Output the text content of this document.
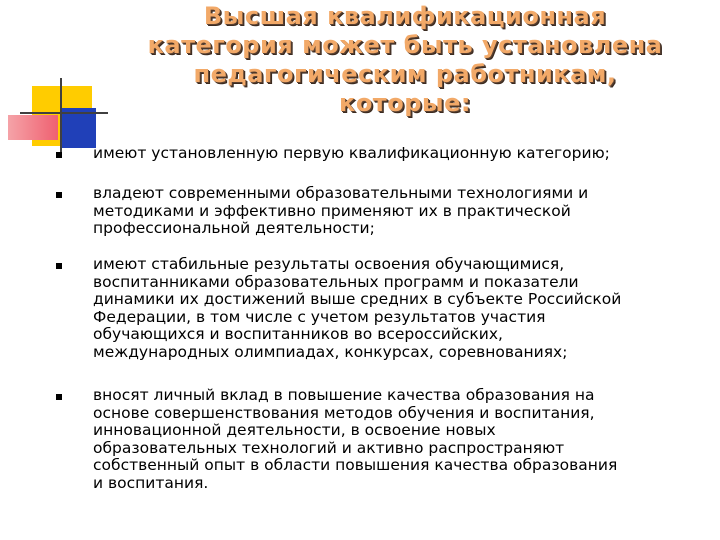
Высшая квалификационная
категория может быть установлена
педагогическим работникам,
которые:
имеют установленную первую квалификационную категорию;
владеют современными образовательными технологиями и
методиками и эффективно применяют их в практической
профессиональной деятельности;
имеют стабильные результаты освоения обучающимися,
воспитанниками образовательных программ и показатели
динамики их достижений выше средних в субъекте Российской
Федерации, в том числе с учетом результатов участия
обучающихся и воспитанников во всероссийских,
международных олимпиадах, конкурсах, соревнованиях;
вносят личный вклад в повышение качества образования на
основе совершенствования методов обучения и воспитания,
инновационной деятельности, в освоение новых
образовательных технологий и активно распространяют
собственный опыт в области повышения качества образования
и воспитания.
